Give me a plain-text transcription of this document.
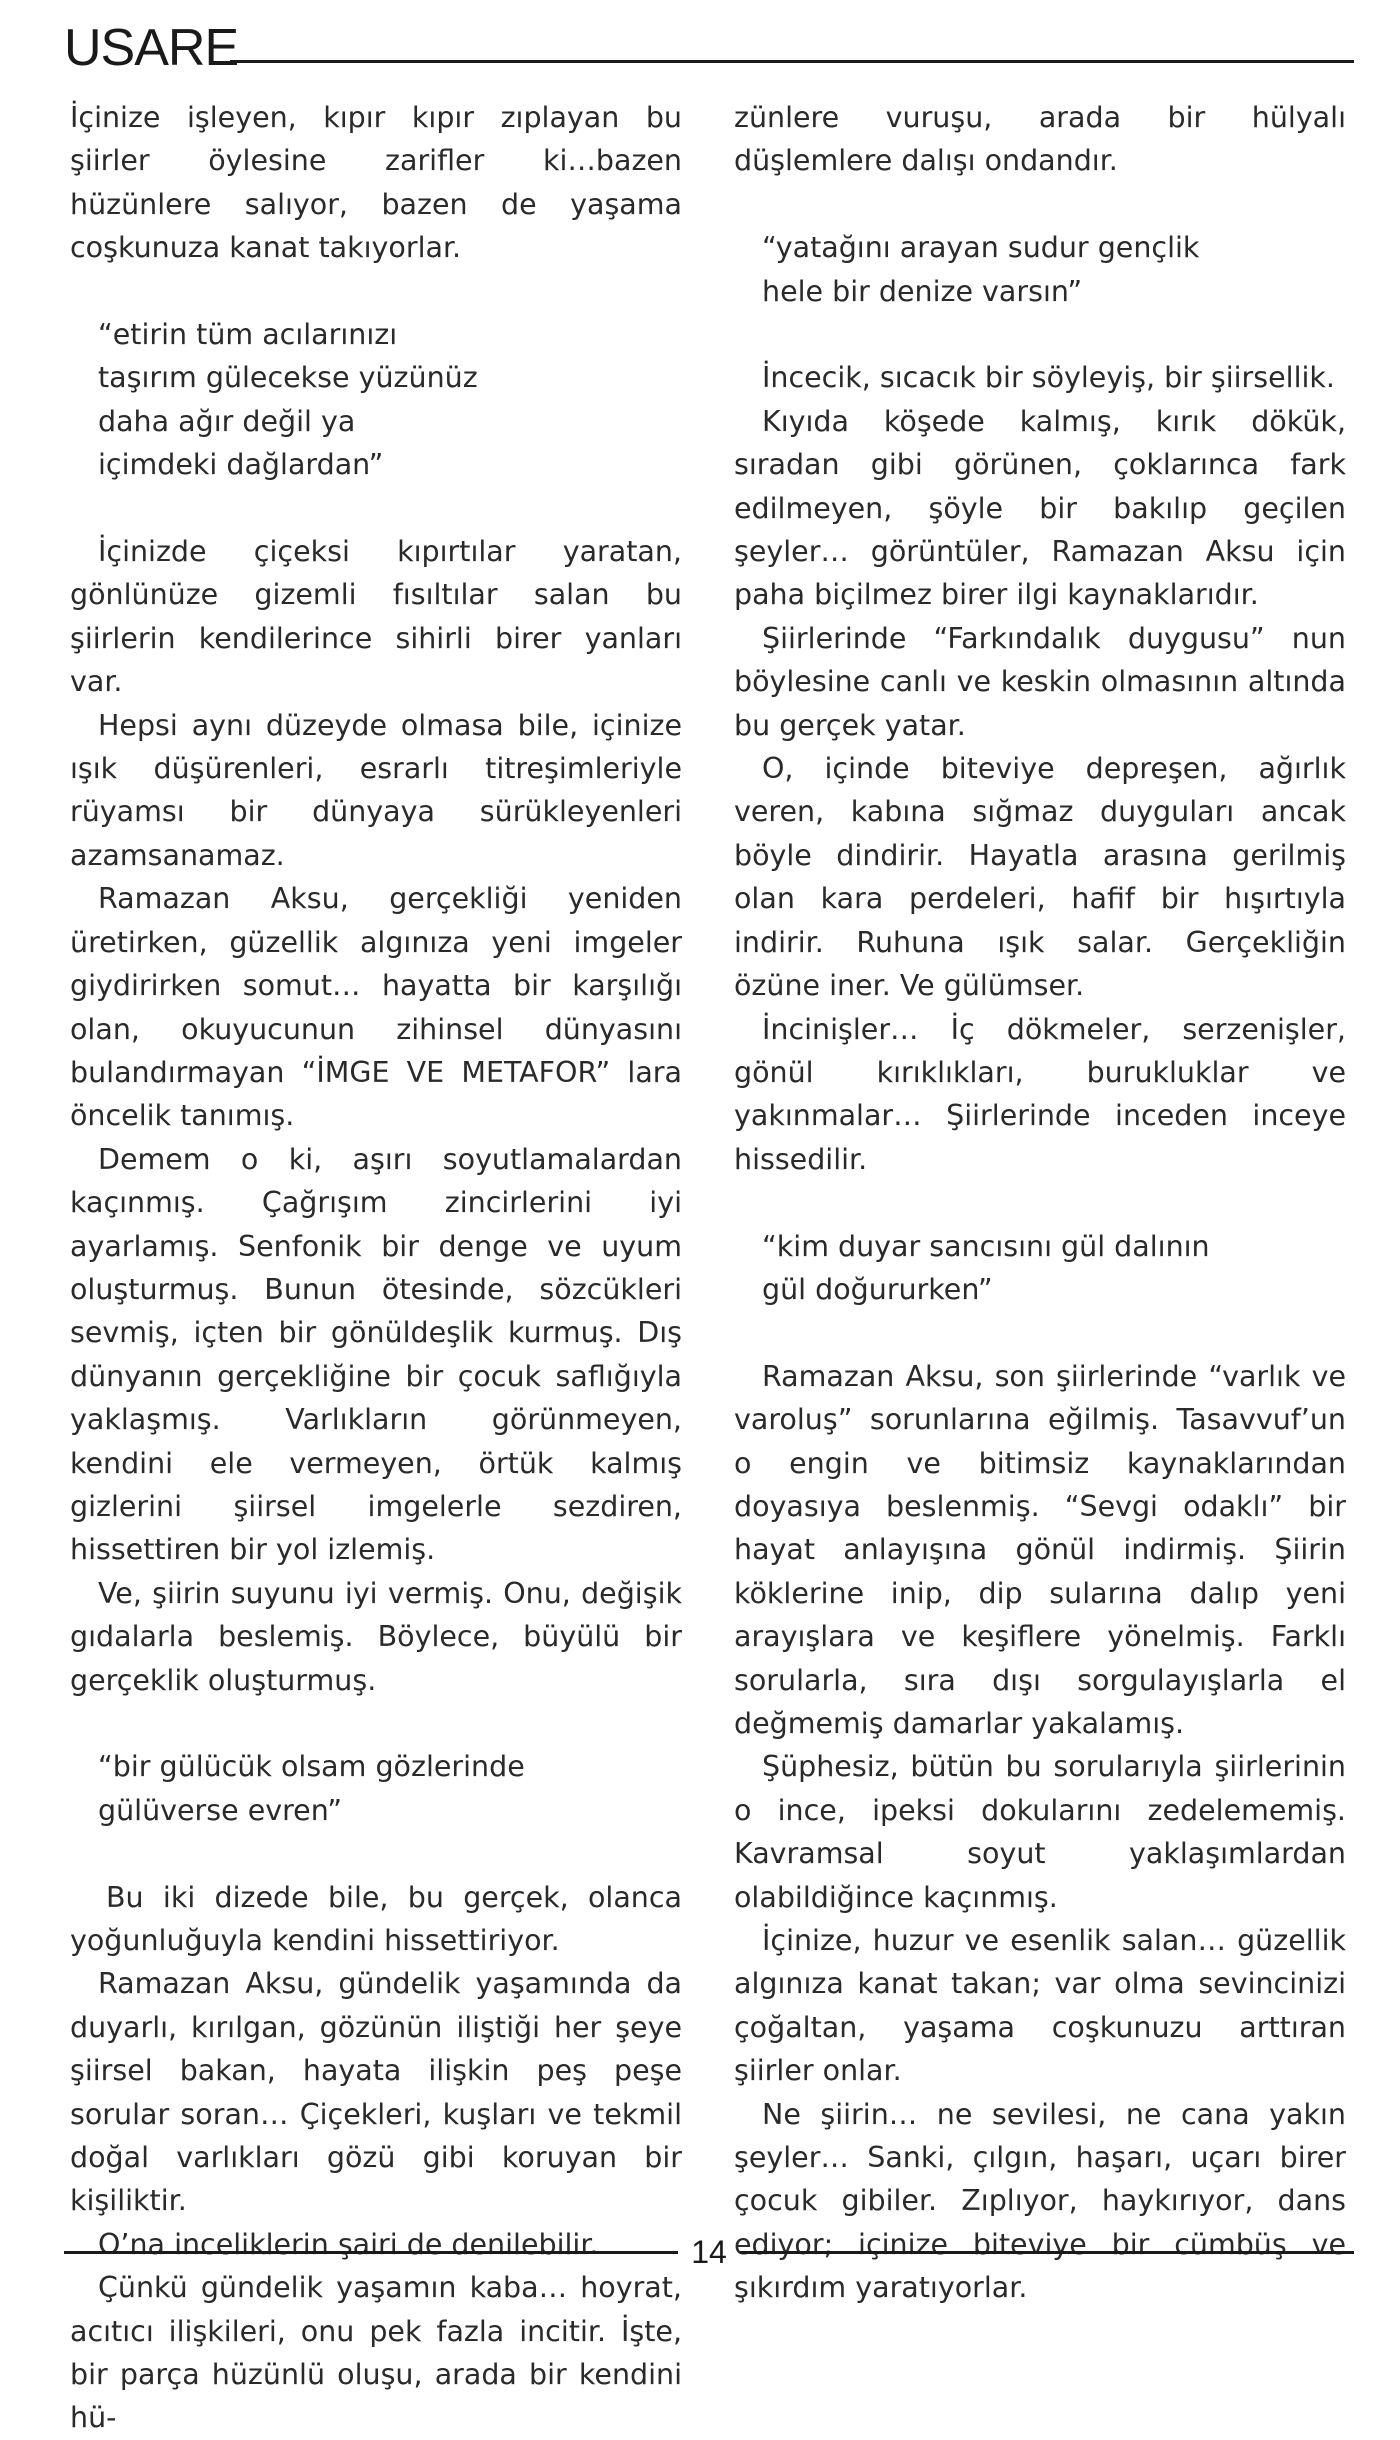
USARE

İçinize işleyen, kıpır kıpır zıplayan bu şiirler öylesine zarifler ki…bazen hüzünlere salıyor, bazen de yaşama coşkunuza kanat takıyorlar.

“etirin tüm acılarınızı
taşırım gülecekse yüzünüz
daha ağır değil ya
içimdeki dağlardan”

İçinizde çiçeksi kıpırtılar yaratan, gönlünüze gizemli fısıltılar salan bu şiirlerin kendilerince sihirli birer yanları var.

Hepsi aynı düzeyde olmasa bile, içinize ışık düşürenleri, esrarlı titreşimleriyle rüyamsı bir dünyaya sürükleyenleri azamsanamaz.

Ramazan Aksu, gerçekliği yeniden üretirken, güzellik algınıza yeni imgeler giydirirken somut… hayatta bir karşılığı olan, okuyucunun zihinsel dünyasını bulandırmayan “İMGE VE METAFOR” lara öncelik tanımış.

Demem o ki, aşırı soyutlamalardan kaçınmış. Çağrışım zincirlerini iyi ayarlamış. Senfonik bir denge ve uyum oluşturmuş. Bunun ötesinde, sözcükleri sevmiş, içten bir gönüldeşlik kurmuş. Dış dünyanın gerçekliğine bir çocuk saflığıyla yaklaşmış. Varlıkların görünmeyen, kendini ele vermeyen, örtük kalmış gizlerini şiirsel imgelerle sezdiren, hissettiren bir yol izlemiş.

Ve, şiirin suyunu iyi vermiş. Onu, değişik gıdalarla beslemiş. Böylece, büyülü bir gerçeklik oluşturmuş.

“bir gülücük olsam gözlerinde
gülüverse evren”

Bu iki dizede bile, bu gerçek, olanca yoğunluğuyla kendini hissettiriyor.

Ramazan Aksu, gündelik yaşamında da duyarlı, kırılgan, gözünün iliştiği her şeye şiirsel bakan, hayata ilişkin peş peşe sorular soran… Çiçekleri, kuşları ve tekmil doğal varlıkları gözü gibi koruyan bir kişiliktir.

O’na inceliklerin şairi de denilebilir.

Çünkü gündelik yaşamın kaba… hoyrat, acıtıcı ilişkileri, onu pek fazla incitir. İşte, bir parça hüzünlü oluşu, arada bir kendini hü-

zünlere vuruşu, arada bir hülyalı düşlemlere dalışı ondandır.

“yatağını arayan sudur gençlik
hele bir denize varsın”

İncecik, sıcacık bir söyleyiş, bir şiirsellik.

Kıyıda köşede kalmış, kırık dökük, sıradan gibi görünen, çoklarınca fark edilmeyen, şöyle bir bakılıp geçilen şeyler… görüntüler, Ramazan Aksu için paha biçilmez birer ilgi kaynaklarıdır.

Şiirlerinde “Farkındalık duygusu” nun böylesine canlı ve keskin olmasının altında bu gerçek yatar.

O, içinde biteviye depreşen, ağırlık veren, kabına sığmaz duyguları ancak böyle dindirir. Hayatla arasına gerilmiş olan kara perdeleri, hafif bir hışırtıyla indirir. Ruhuna ışık salar. Gerçekliğin özüne iner. Ve gülümser.

İncinişler… İç dökmeler, serzenişler, gönül kırıklıkları, burukluklar ve yakınmalar… Şiirlerinde inceden inceye hissedilir.

“kim duyar sancısını gül dalının
gül doğururken”

Ramazan Aksu, son şiirlerinde “varlık ve varoluş” sorunlarına eğilmiş. Tasavvuf’un o engin ve bitimsiz kaynaklarından doyasıya beslenmiş. “Sevgi odaklı” bir hayat anlayışına gönül indirmiş. Şiirin köklerine inip, dip sularına dalıp yeni arayışlara ve keşiflere yönelmiş. Farklı sorularla, sıra dışı sorgulayışlarla el değmemiş damarlar yakalamış.

Şüphesiz, bütün bu sorularıyla şiirlerinin o ince, ipeksi dokularını zedelememiş. Kavramsal soyut yaklaşımlardan olabildiğince kaçınmış.

İçinize, huzur ve esenlik salan… güzellik algınıza kanat takan; var olma sevincinizi çoğaltan, yaşama coşkunuzu arttıran şiirler onlar.

Ne şiirin… ne sevilesi, ne cana yakın şeyler… Sanki, çılgın, haşarı, uçarı birer çocuk gibiler. Zıplıyor, haykırıyor, dans ediyor; içinize biteviye bir cümbüş ve şıkırdım yaratıyorlar.

14
